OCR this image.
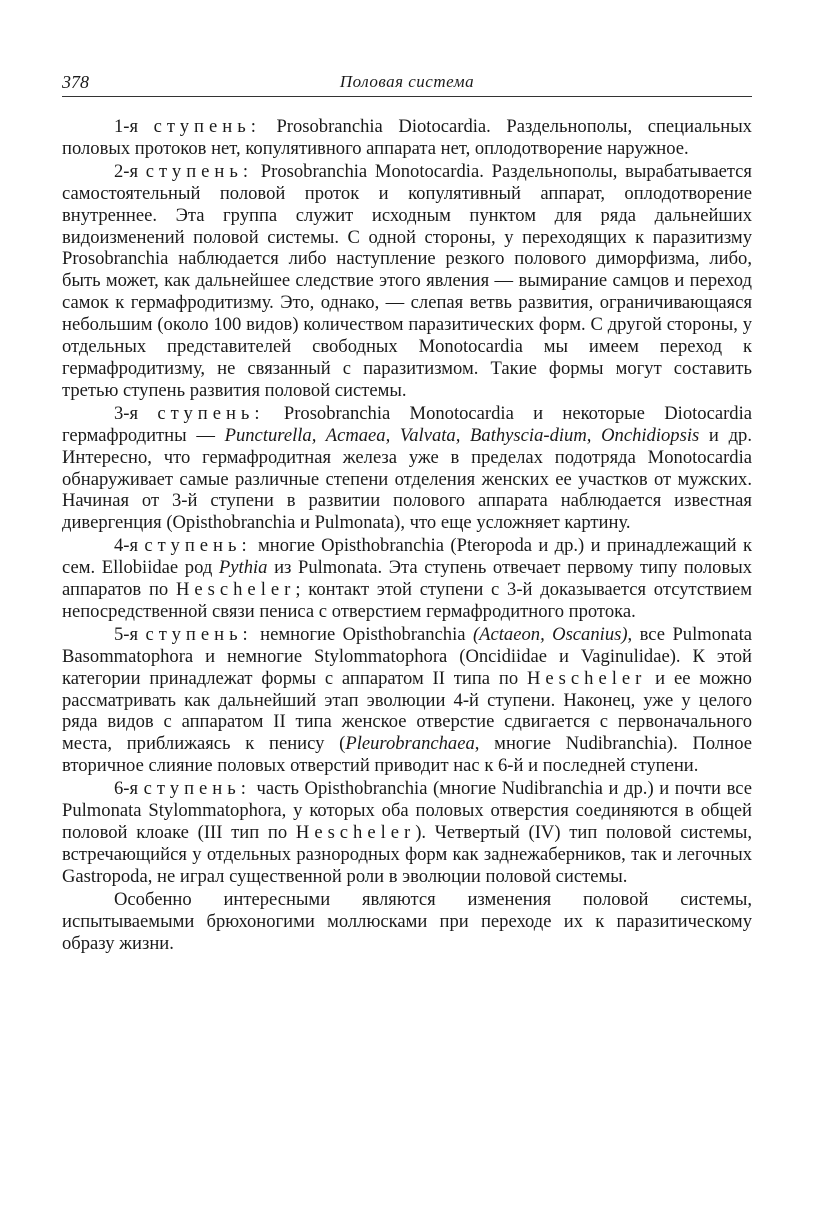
378	Половая система

1-я ступень: Prosobranchia Diotocardia. Раздельнополы, специальных половых протоков нет, копулятивного аппарата нет, оплодотворение наружное.

2-я ступень: Prosobranchia Monotocardia. Раздельнополы, вырабатывается самостоятельный половой проток и копулятивный аппарат, оплодотворение внутреннее. Эта группа служит исходным пунктом для ряда дальнейших видоизменений половой системы. С одной стороны, у переходящих к паразитизму Prosobranchia наблюдается либо наступление резкого полового диморфизма, либо, быть может, как дальнейшее следствие этого явления — вымирание самцов и переход самок к гермафродитизму. Это, однако, — слепая ветвь развития, ограничивающаяся небольшим (около 100 видов) количеством паразитических форм. С другой стороны, у отдельных представителей свободных Monotocardia мы имеем переход к гермафродитизму, не связанный с паразитизмом. Такие формы могут составить третью ступень развития половой системы.

3-я ступень: Prosobranchia Monotocardia и некоторые Diotocardia гермафродитны — Puncturella, Acmaea, Valvata, Bathyscia-dium, Onchidiopsis и др. Интересно, что гермафродитная железа уже в пределах подотряда Monotocardia обнаруживает самые различные степени отделения женских ее участков от мужских. Начиная от 3-й ступени в развитии полового аппарата наблюдается известная дивергенция (Opisthobranchia и Pulmonata), что еще усложняет картину.

4-я ступень: многие Opisthobranchia (Pteropoda и др.) и принадлежащий к сем. Ellobiidae род Pythia из Pulmonata. Эта ступень отвечает первому типу половых аппаратов по Hescheler; контакт этой ступени с 3-й доказывается отсутствием непосредственной связи пениса с отверстием гермафродитного протока.

5-я ступень: немногие Opisthobranchia (Actaeon, Oscanius), все Pulmonata Basommatophora и немногие Stylommatophora (Oncidiidae и Vaginulidae). К этой категории принадлежат формы с аппаратом II типа по Hescheler и ее можно рассматривать как дальнейший этап эволюции 4-й ступени. Наконец, уже у целого ряда видов с аппаратом II типа женское отверстие сдвигается с первоначального места, приближаясь к пенису (Pleurobranchaea, многие Nudibranchia). Полное вторичное слияние половых отверстий приводит нас к 6-й и последней ступени.

6-я ступень: часть Opisthobranchia (многие Nudibranchia и др.) и почти все Pulmonata Stylommatophora, у которых оба половых отверстия соединяются в общей половой клоаке (III тип по Hescheler). Четвертый (IV) тип половой системы, встречающийся у отдельных разнородных форм как заднежаберников, так и легочных Gastropoda, не играл существенной роли в эволюции половой системы.

Особенно интересными являются изменения половой системы, испытываемыми брюхоногими моллюсками при переходе их к паразитическому образу жизни.
